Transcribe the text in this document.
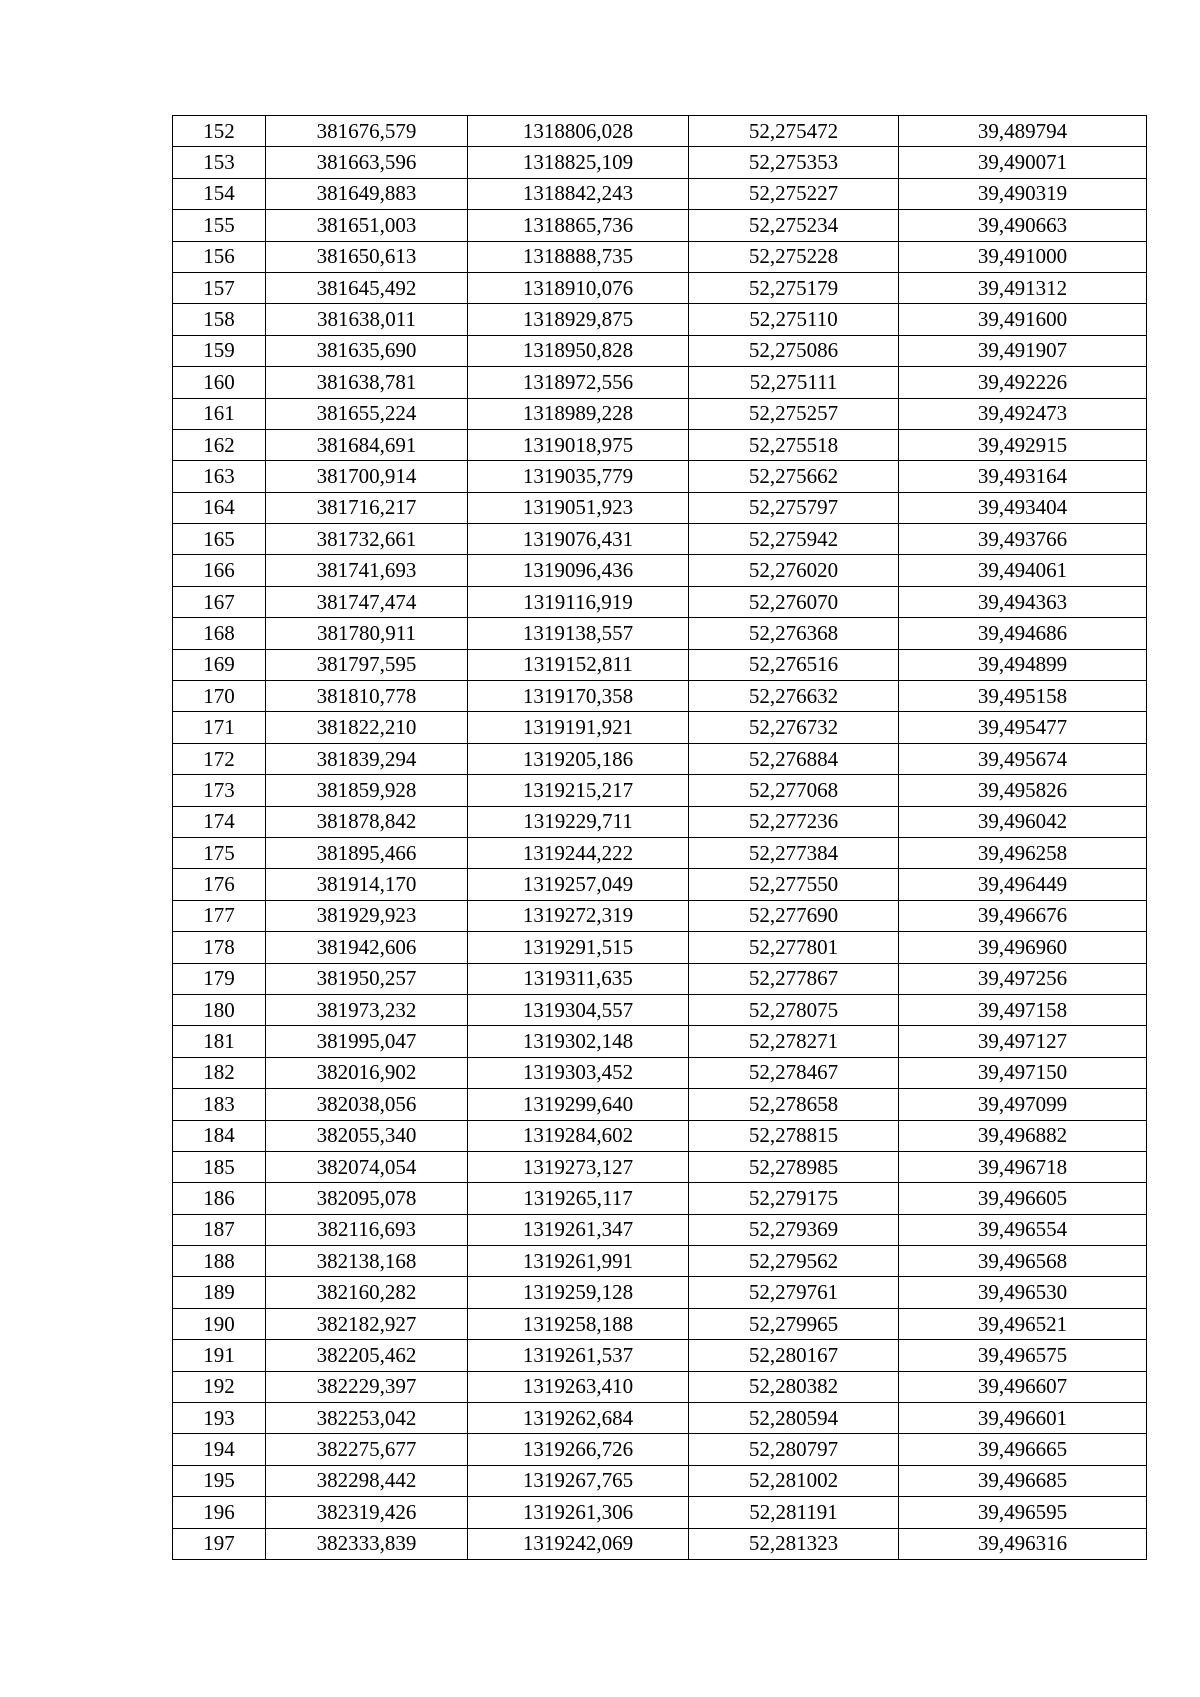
152	381676,579	1318806,028	52,275472	39,489794
153	381663,596	1318825,109	52,275353	39,490071
154	381649,883	1318842,243	52,275227	39,490319
155	381651,003	1318865,736	52,275234	39,490663
156	381650,613	1318888,735	52,275228	39,491000
157	381645,492	1318910,076	52,275179	39,491312
158	381638,011	1318929,875	52,275110	39,491600
159	381635,690	1318950,828	52,275086	39,491907
160	381638,781	1318972,556	52,275111	39,492226
161	381655,224	1318989,228	52,275257	39,492473
162	381684,691	1319018,975	52,275518	39,492915
163	381700,914	1319035,779	52,275662	39,493164
164	381716,217	1319051,923	52,275797	39,493404
165	381732,661	1319076,431	52,275942	39,493766
166	381741,693	1319096,436	52,276020	39,494061
167	381747,474	1319116,919	52,276070	39,494363
168	381780,911	1319138,557	52,276368	39,494686
169	381797,595	1319152,811	52,276516	39,494899
170	381810,778	1319170,358	52,276632	39,495158
171	381822,210	1319191,921	52,276732	39,495477
172	381839,294	1319205,186	52,276884	39,495674
173	381859,928	1319215,217	52,277068	39,495826
174	381878,842	1319229,711	52,277236	39,496042
175	381895,466	1319244,222	52,277384	39,496258
176	381914,170	1319257,049	52,277550	39,496449
177	381929,923	1319272,319	52,277690	39,496676
178	381942,606	1319291,515	52,277801	39,496960
179	381950,257	1319311,635	52,277867	39,497256
180	381973,232	1319304,557	52,278075	39,497158
181	381995,047	1319302,148	52,278271	39,497127
182	382016,902	1319303,452	52,278467	39,497150
183	382038,056	1319299,640	52,278658	39,497099
184	382055,340	1319284,602	52,278815	39,496882
185	382074,054	1319273,127	52,278985	39,496718
186	382095,078	1319265,117	52,279175	39,496605
187	382116,693	1319261,347	52,279369	39,496554
188	382138,168	1319261,991	52,279562	39,496568
189	382160,282	1319259,128	52,279761	39,496530
190	382182,927	1319258,188	52,279965	39,496521
191	382205,462	1319261,537	52,280167	39,496575
192	382229,397	1319263,410	52,280382	39,496607
193	382253,042	1319262,684	52,280594	39,496601
194	382275,677	1319266,726	52,280797	39,496665
195	382298,442	1319267,765	52,281002	39,496685
196	382319,426	1319261,306	52,281191	39,496595
197	382333,839	1319242,069	52,281323	39,496316
